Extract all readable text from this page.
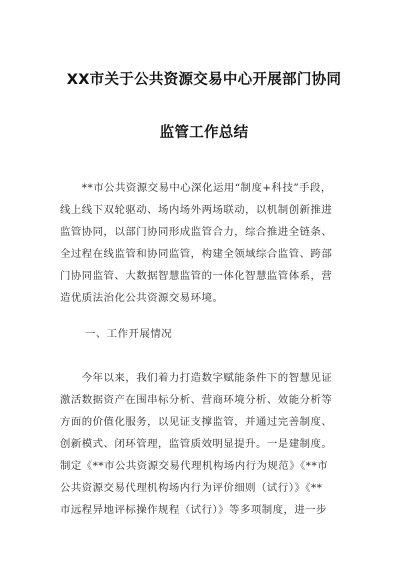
XX市关于公共资源交易中心开展部门协同
监管工作总结
　　**市公共资源交易中心深化运用“制度+科技”手段，
线上线下双轮驱动、场内场外两场联动，以机制创新推进
监管协同，以部门协同形成监管合力，综合推进全链条、
全过程在线监管和协同监管，构建全领域综合监管、跨部
门协同监管、大数据智慧监管的一体化智慧监管体系，营
造优质法治化公共资源交易环境。
一、工作开展情况
　　今年以来，我们着力打造数字赋能条件下的智慧见证
激活数据资产在围串标分析、营商环境分析、效能分析等
方面的价值化服务，以见证支撑监管，并通过完善制度、
创新模式、闭环管理，监管质效明显提升。一是建制度。
制定《**市公共资源交易代理机构场内行为规范》《**市
公共资源交易代理机构场内行为评价细则（试行）》《**
市远程异地评标操作规程（试行）》等多项制度，进一步
